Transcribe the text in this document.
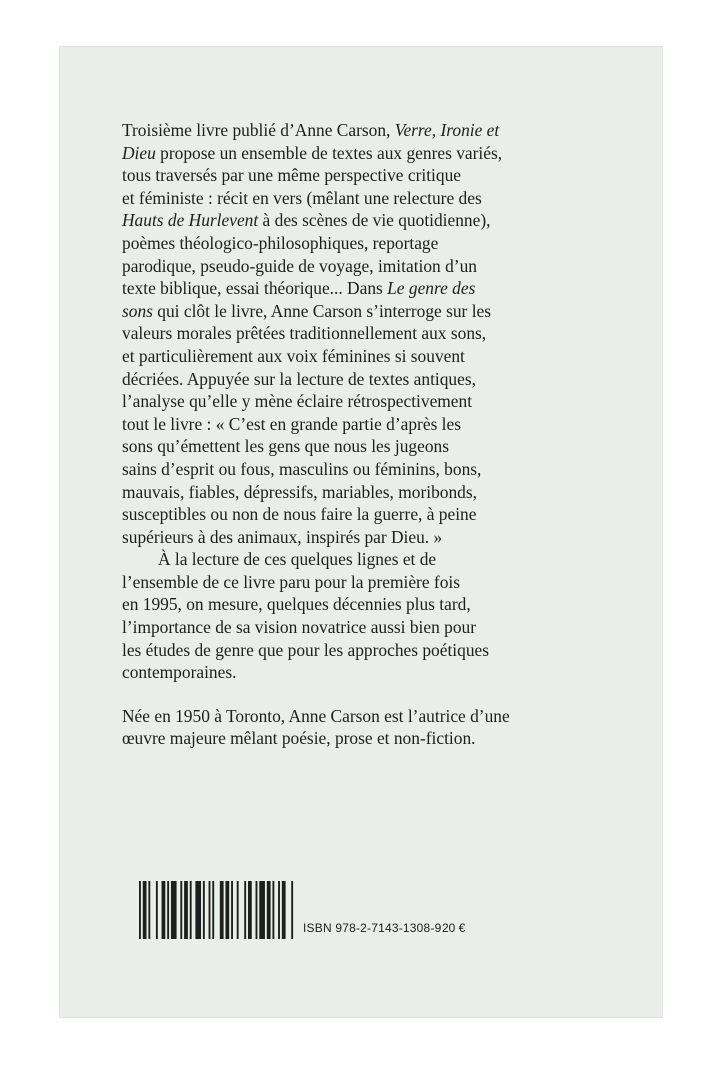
Troisième livre publié d’Anne Carson, Verre, Ironie et
Dieu propose un ensemble de textes aux genres variés,
tous traversés par une même perspective critique
et féministe : récit en vers (mêlant une relecture des
Hauts de Hurlevent à des scènes de vie quotidienne),
poèmes théologico-philosophiques, reportage
parodique, pseudo-guide de voyage, imitation d’un
texte biblique, essai théorique... Dans Le genre des
sons qui clôt le livre, Anne Carson s’interroge sur les
valeurs morales prêtées traditionnellement aux sons,
et particulièrement aux voix féminines si souvent
décriées. Appuyée sur la lecture de textes antiques,
l’analyse qu’elle y mène éclaire rétrospectivement
tout le livre : « C’est en grande partie d’après les
sons qu’émettent les gens que nous les jugeons
sains d’esprit ou fous, masculins ou féminins, bons,
mauvais, fiables, dépressifs, mariables, moribonds,
susceptibles ou non de nous faire la guerre, à peine
supérieurs à des animaux, inspirés par Dieu. »
À la lecture de ces quelques lignes et de
l’ensemble de ce livre paru pour la première fois
en 1995, on mesure, quelques décennies plus tard,
l’importance de sa vision novatrice aussi bien pour
les études de genre que pour les approches poétiques
contemporaines.
Née en 1950 à Toronto, Anne Carson est l’autrice d’une
œuvre majeure mêlant poésie, prose et non-fiction.
ISBN 978-2-7143-1308-9 20 €
